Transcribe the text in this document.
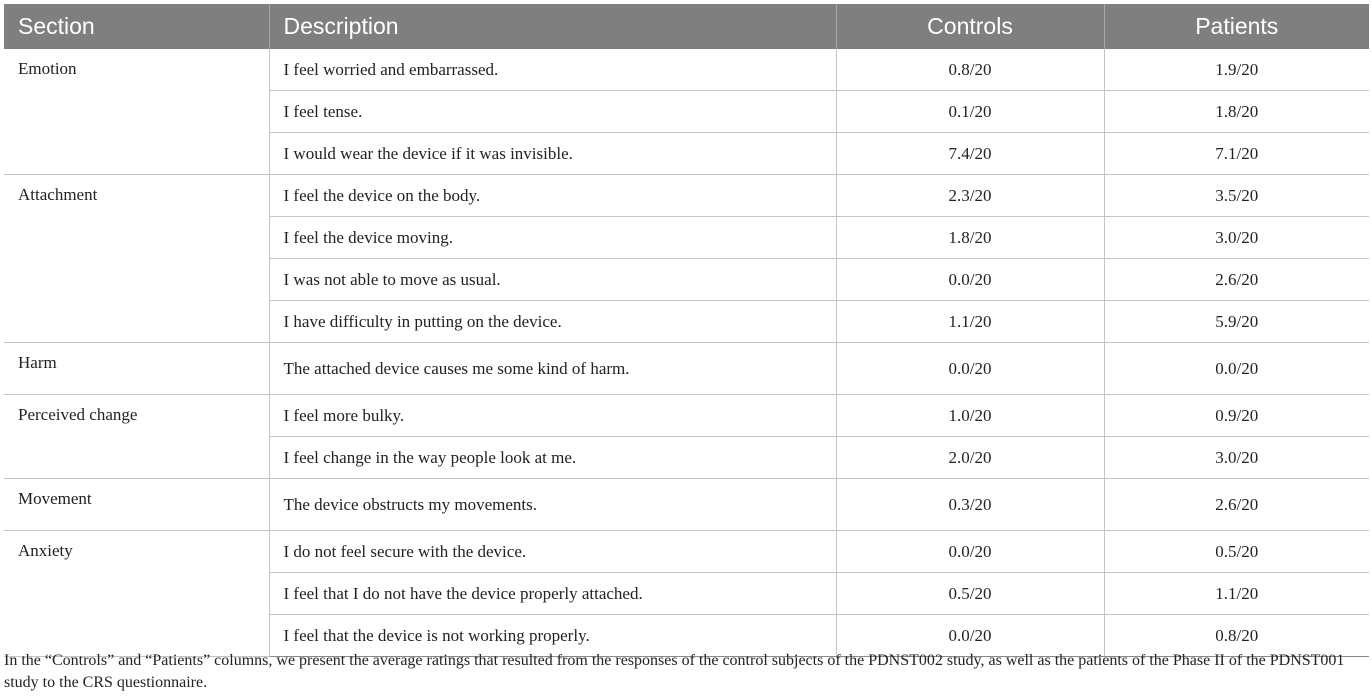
Section	Description	Controls	Patients
Emotion	I feel worried and embarrassed.	0.8/20	1.9/20
	I feel tense.	0.1/20	1.8/20
	I would wear the device if it was invisible.	7.4/20	7.1/20
Attachment	I feel the device on the body.	2.3/20	3.5/20
	I feel the device moving.	1.8/20	3.0/20
	I was not able to move as usual.	0.0/20	2.6/20
	I have difficulty in putting on the device.	1.1/20	5.9/20
Harm	The attached device causes me some kind of harm.	0.0/20	0.0/20
Perceived change	I feel more bulky.	1.0/20	0.9/20
	I feel change in the way people look at me.	2.0/20	3.0/20
Movement	The device obstructs my movements.	0.3/20	2.6/20
Anxiety	I do not feel secure with the device.	0.0/20	0.5/20
	I feel that I do not have the device properly attached.	0.5/20	1.1/20
	I feel that the device is not working properly.	0.0/20	0.8/20
In the “Controls” and “Patients” columns, we present the average ratings that resulted from the responses of the control subjects of the PDNST002 study, as well as the patients of the Phase II of the PDNST001 study to the CRS questionnaire.
